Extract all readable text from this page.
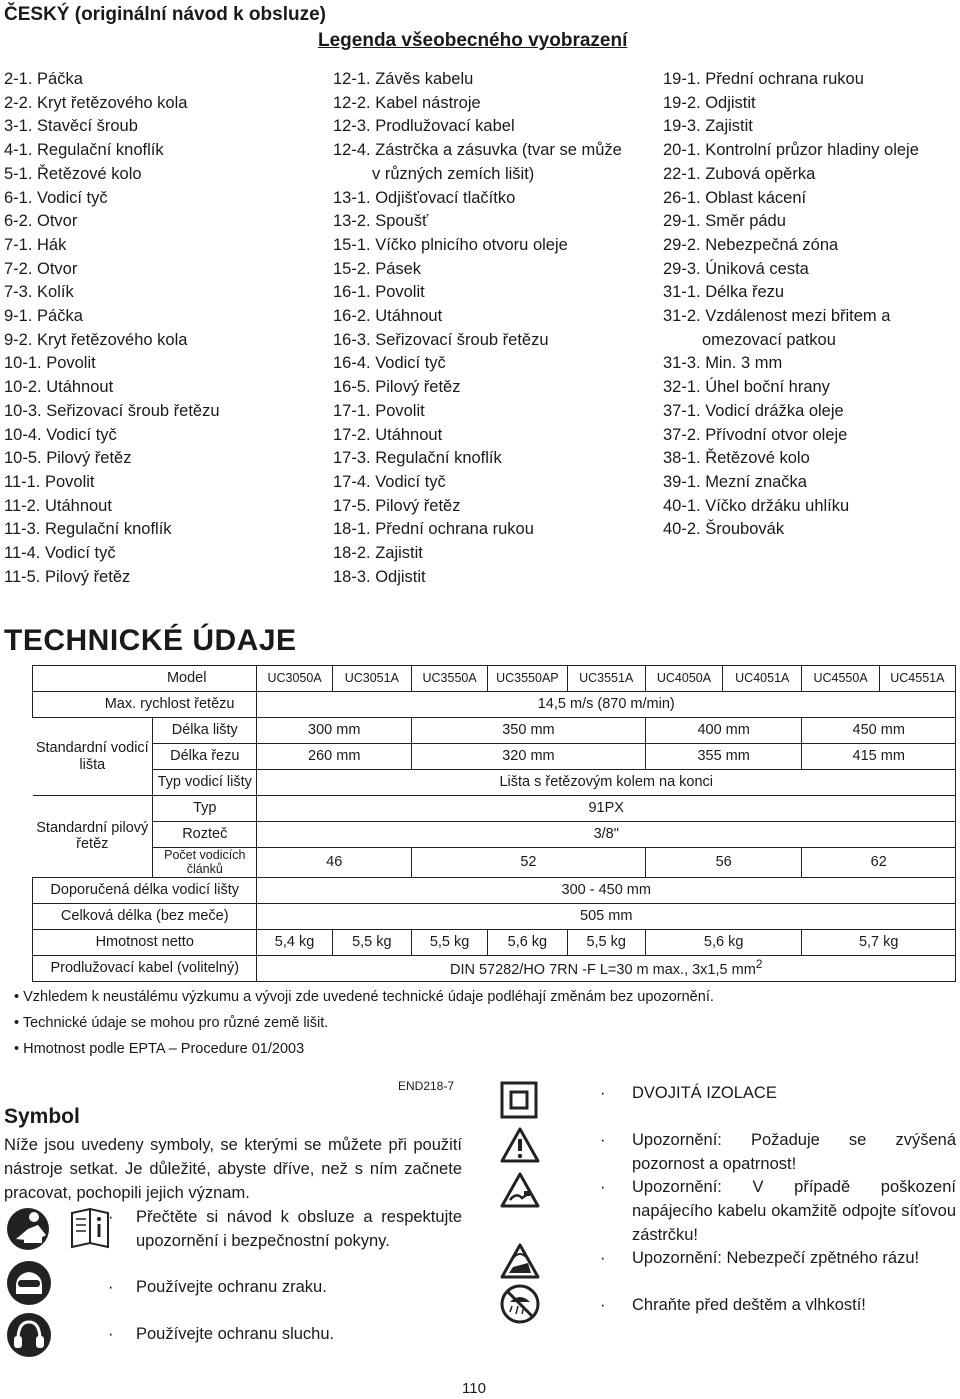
ČESKÝ (originální návod k obsluze)
Legenda všeobecného vyobrazení
2-1. Páčka
2-2. Kryt řetězového kola
3-1. Stavěcí šroub
4-1. Regulační knoflík
5-1. Řetězové kolo
6-1. Vodicí tyč
6-2. Otvor
7-1. Hák
7-2. Otvor
7-3. Kolík
9-1. Páčka
9-2. Kryt řetězového kola
10-1. Povolit
10-2. Utáhnout
10-3. Seřizovací šroub řetězu
10-4. Vodicí tyč
10-5. Pilový řetěz
11-1. Povolit
11-2. Utáhnout
11-3. Regulační knoflík
11-4. Vodicí tyč
11-5. Pilový řetěz
12-1. Závěs kabelu
12-2. Kabel nástroje
12-3. Prodlužovací kabel
12-4. Zástrčka a zásuvka (tvar se může
v různých zemích lišit)
13-1. Odjišťovací tlačítko
13-2. Spoušť
15-1. Víčko plnicího otvoru oleje
15-2. Pásek
16-1. Povolit
16-2. Utáhnout
16-3. Seřizovací šroub řetězu
16-4. Vodicí tyč
16-5. Pilový řetěz
17-1. Povolit
17-2. Utáhnout
17-3. Regulační knoflík
17-4. Vodicí tyč
17-5. Pilový řetěz
18-1. Přední ochrana rukou
18-2. Zajistit
18-3. Odjistit
19-1. Přední ochrana rukou
19-2. Odjistit
19-3. Zajistit
20-1. Kontrolní průzor hladiny oleje
22-1. Zubová opěrka
26-1. Oblast kácení
29-1. Směr pádu
29-2. Nebezpečná zóna
29-3. Úniková cesta
31-1. Délka řezu
31-2. Vzdálenost mezi břitem a
omezovací patkou
31-3. Min. 3 mm
32-1. Úhel boční hrany
37-1. Vodicí drážka oleje
37-2. Přívodní otvor oleje
38-1. Řetězové kolo
39-1. Mezní značka
40-1. Víčko držáku uhlíku
40-2. Šroubovák
TECHNICKÉ ÚDAJE
Model		UC3050A	UC3051A	UC3550A	UC3550AP	UC3551A	UC4050A	UC4051A	UC4550A	UC4551A
Max. rychlost řetězu		14,5 m/s (870 m/min)								
Standardní vodicí lišta	Délka lišty	300 mm		350 mm			400 mm		450 mm	
	Délka řezu	260 mm		320 mm			355 mm		415 mm	
	Typ vodicí lišty	Lišta s řetězovým kolem na konci								
Standardní pilový řetěz	Typ	91PX								
	Rozteč	3/8"								
	Počet vodicích článků	46		52			56		62	
Doporučená délka vodicí lišty		300 - 450 mm								
Celková délka (bez meče)		505 mm								
Hmotnost netto		5,4 kg	5,5 kg	5,5 kg	5,6 kg	5,5 kg	5,6 kg		5,7 kg	
Prodlužovací kabel (volitelný)		DIN 57282/HO 7RN -F L=30 m max., 3x1,5 $mm^2$
• Vzhledem k neustálému výzkumu a vývoji zde uvedené technické údaje podléhají změnám bez upozornění.
• Technické údaje se mohou pro různé země lišit.
• Hmotnost podle EPTA – Procedure 01/2003
END218-7
Symbol
Níže jsou uvedeny symboly, se kterými se můžete při použití nástroje setkat. Je důležité, abyste dříve, než s ním začnete pracovat, pochopili jejich význam.
· Přečtěte si návod k obsluze a respektujte upozornění i bezpečnostní pokyny.
· Používejte ochranu zraku.
· Používejte ochranu sluchu.
· DVOJITÁ IZOLACE
· Upozornění: Požaduje se zvýšená pozornost a opatrnost!
· Upozornění: V případě poškození napájecího kabelu okamžitě odpojte síťovou zástrčku!
· Upozornění: Nebezpečí zpětného rázu!
· Chraňte před deštěm a vlhkostí!
110
